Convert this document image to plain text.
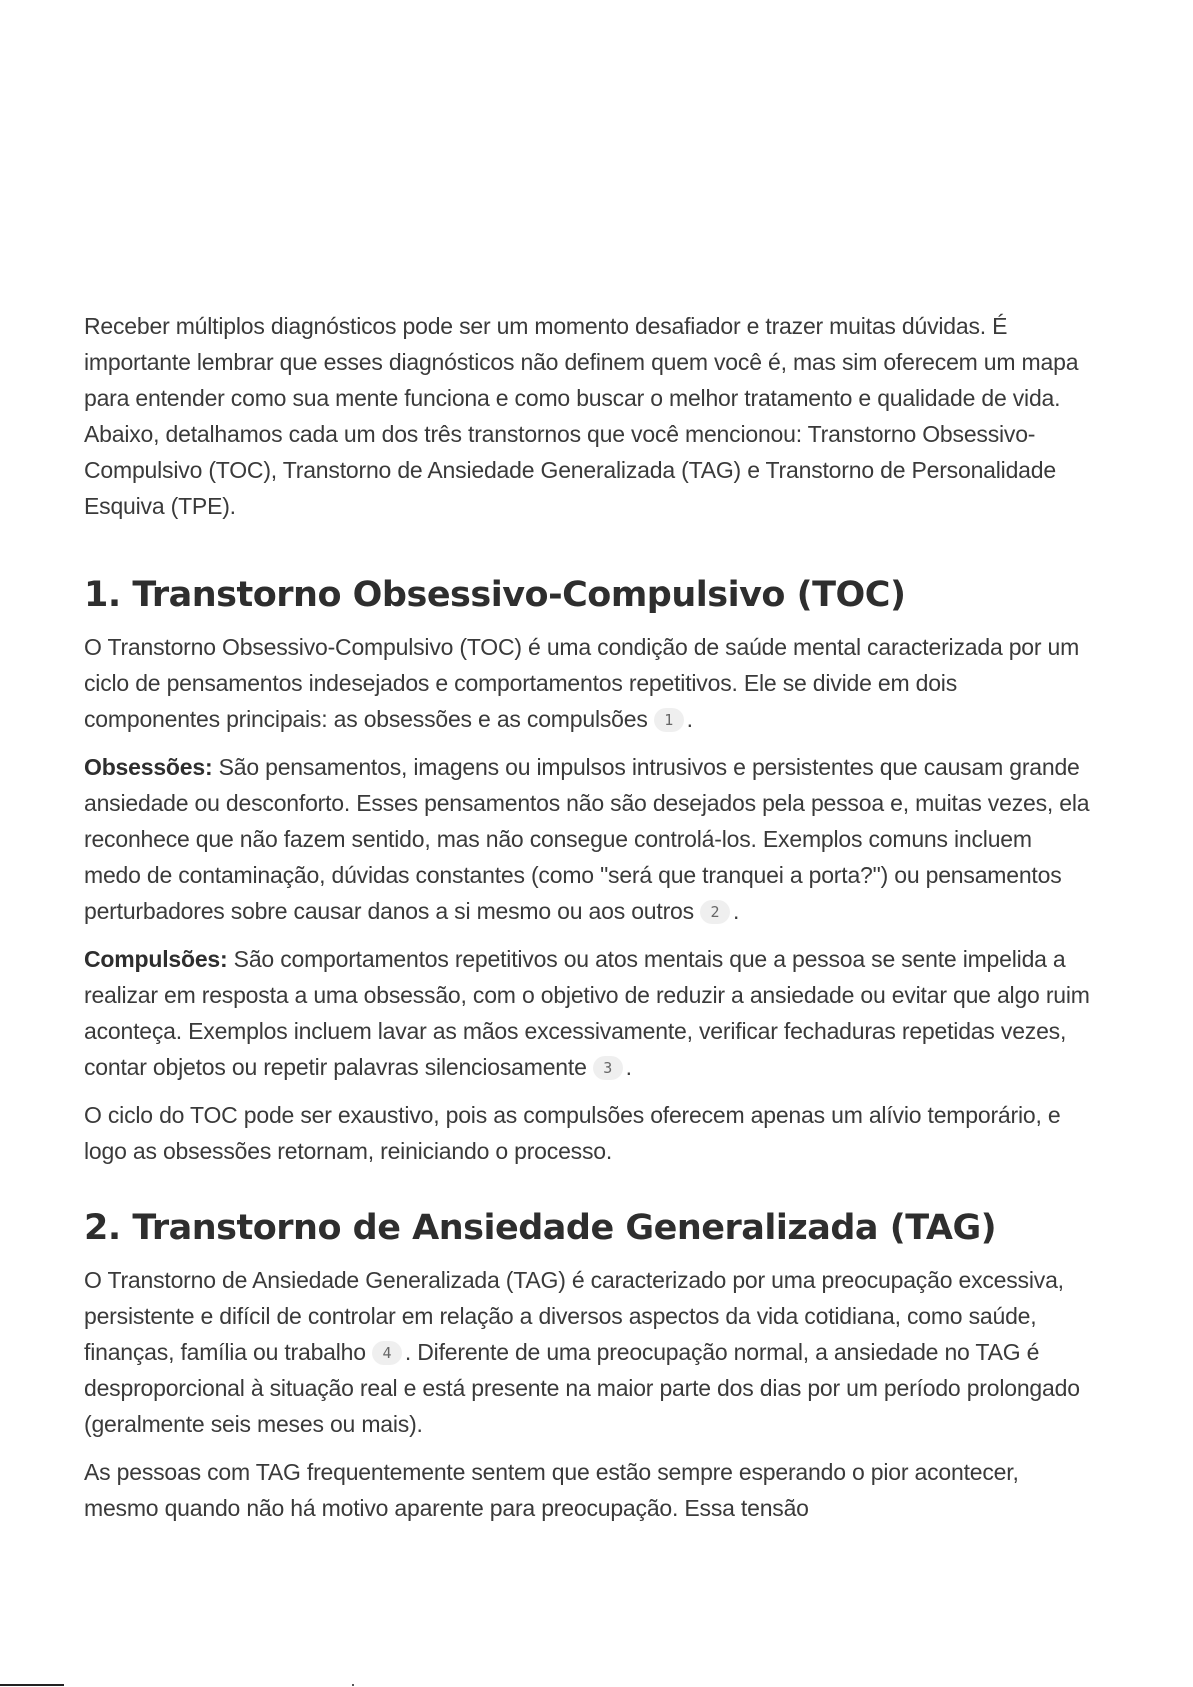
Receber múltiplos diagnósticos pode ser um momento desafiador e trazer muitas dúvidas. É importante lembrar que esses diagnósticos não definem quem você é, mas sim oferecem um mapa para entender como sua mente funciona e como buscar o melhor tratamento e qualidade de vida. Abaixo, detalhamos cada um dos três transtornos que você mencionou: Transtorno Obsessivo-Compulsivo (TOC), Transtorno de Ansiedade Generalizada (TAG) e Transtorno de Personalidade Esquiva (TPE).

1. Transtorno Obsessivo-Compulsivo (TOC)

O Transtorno Obsessivo-Compulsivo (TOC) é uma condição de saúde mental caracterizada por um ciclo de pensamentos indesejados e comportamentos repetitivos. Ele se divide em dois componentes principais: as obsessões e as compulsões 1 .

Obsessões: São pensamentos, imagens ou impulsos intrusivos e persistentes que causam grande ansiedade ou desconforto. Esses pensamentos não são desejados pela pessoa e, muitas vezes, ela reconhece que não fazem sentido, mas não consegue controlá-los. Exemplos comuns incluem medo de contaminação, dúvidas constantes (como "será que tranquei a porta?") ou pensamentos perturbadores sobre causar danos a si mesmo ou aos outros 2 .

Compulsões: São comportamentos repetitivos ou atos mentais que a pessoa se sente impelida a realizar em resposta a uma obsessão, com o objetivo de reduzir a ansiedade ou evitar que algo ruim aconteça. Exemplos incluem lavar as mãos excessivamente, verificar fechaduras repetidas vezes, contar objetos ou repetir palavras silenciosamente 3 .

O ciclo do TOC pode ser exaustivo, pois as compulsões oferecem apenas um alívio temporário, e logo as obsessões retornam, reiniciando o processo.

2. Transtorno de Ansiedade Generalizada (TAG)

O Transtorno de Ansiedade Generalizada (TAG) é caracterizado por uma preocupação excessiva, persistente e difícil de controlar em relação a diversos aspectos da vida cotidiana, como saúde, finanças, família ou trabalho 4 . Diferente de uma preocupação normal, a ansiedade no TAG é desproporcional à situação real e está presente na maior parte dos dias por um período prolongado (geralmente seis meses ou mais).

As pessoas com TAG frequentemente sentem que estão sempre esperando o pior acontecer, mesmo quando não há motivo aparente para preocupação. Essa tensão
